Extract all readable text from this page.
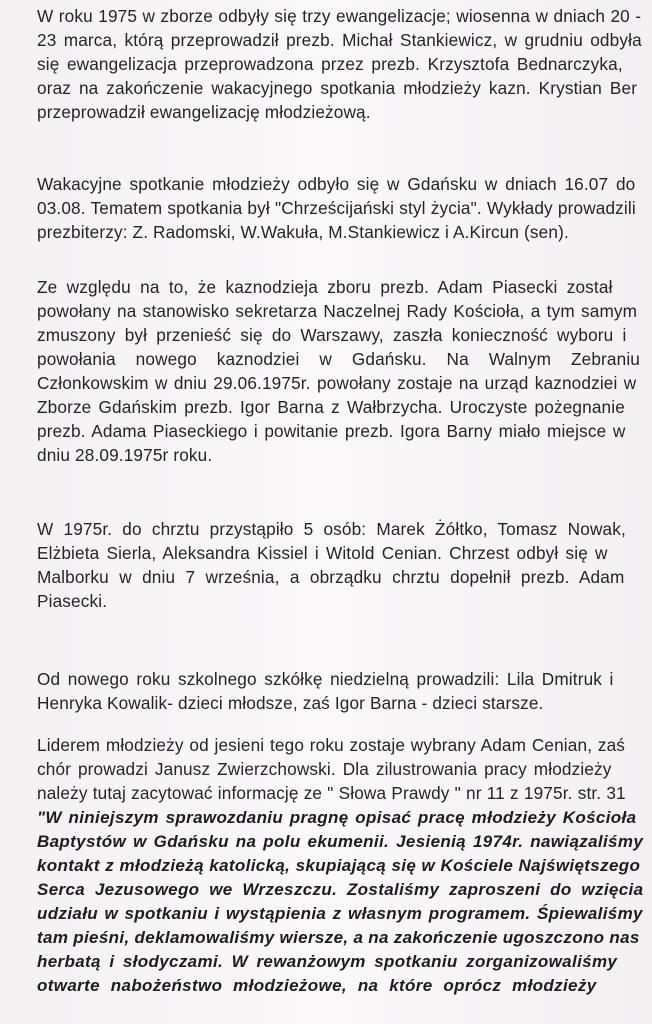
W roku 1975 w zborze odbyły się trzy ewangelizacje; wiosenna w dniach 20 -
23 marca, którą przeprowadził prezb. Michał Stankiewicz, w grudniu odbyła
się ewangelizacja przeprowadzona przez prezb. Krzysztofa Bednarczyka,
oraz na zakończenie wakacyjnego spotkania młodzieży kazn. Krystian Ber
przeprowadził ewangelizację młodzieżową.
Wakacyjne spotkanie młodzieży odbyło się w Gdańsku w dniach 16.07 do
03.08. Tematem spotkania był "Chrześcijański styl życia". Wykłady prowadzili
prezbiterzy: Z. Radomski, W.Wakuła, M.Stankiewicz i A.Kircun (sen).
Ze względu na to, że kaznodzieja zboru prezb. Adam Piasecki został
powołany na stanowisko sekretarza Naczelnej Rady Kościoła, a tym samym
zmuszony był przenieść się do Warszawy, zaszła konieczność wyboru i
powołania nowego kaznodziei w Gdańsku. Na Walnym Zebraniu
Członkowskim w dniu 29.06.1975r. powołany zostaje na urząd kaznodziei w
Zborze Gdańskim prezb. Igor Barna z Wałbrzycha. Uroczyste pożegnanie
prezb. Adama Piaseckiego i powitanie prezb. Igora Barny miało miejsce w
dniu 28.09.1975r roku.
W 1975r. do chrztu przystąpiło 5 osób: Marek Żółtko, Tomasz Nowak,
Elżbieta Sierla, Aleksandra Kissiel i Witold Cenian. Chrzest odbył się w
Malborku w dniu 7 września, a obrządku chrztu dopełnił prezb. Adam
Piasecki.
Od nowego roku szkolnego szkółkę niedzielną prowadzili: Lila Dmitruk i
Henryka Kowalik- dzieci młodsze, zaś Igor Barna - dzieci starsze.
Liderem młodzieży od jesieni tego roku zostaje wybrany Adam Cenian, zaś
chór prowadzi Janusz Zwierzchowski. Dla zilustrowania pracy młodzieży
należy tutaj zacytować informację ze " Słowa Prawdy " nr 11 z 1975r. str. 31
"W niniejszym sprawozdaniu pragnę opisać pracę młodzieży Kościoła
Baptystów w Gdańsku na polu ekumenii. Jesienią 1974r. nawiązaliśmy
kontakt z młodzieżą katolicką, skupiającą się w Kościele Najświętszego
Serca Jezusowego we Wrzeszczu. Zostaliśmy zaproszeni do wzięcia
udziału w spotkaniu i wystąpienia z własnym programem. Śpiewaliśmy
tam pieśni, deklamowaliśmy wiersze, a na zakończenie ugoszczono nas
herbatą i słodyczami. W rewanżowym spotkaniu zorganizowaliśmy
otwarte nabożeństwo młodzieżowe, na które oprócz młodzieży
